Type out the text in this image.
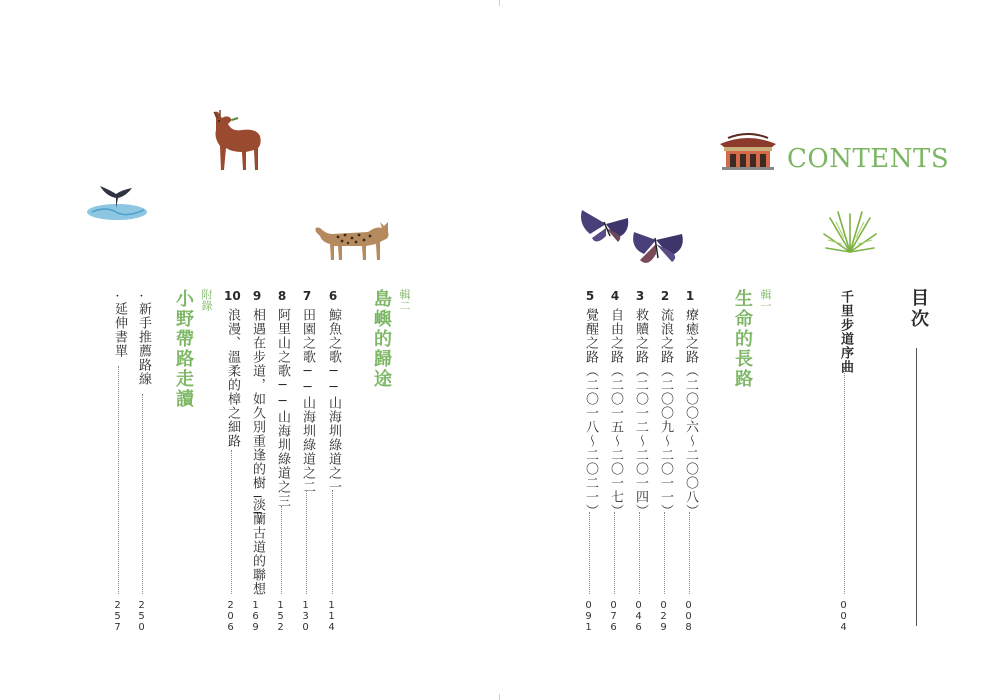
CONTENTS
目次
千里步道序曲
004
輯一
生命的長路
1
療癒之路（二〇〇六～二〇〇八）
008
2
流浪之路（二〇〇九～二〇一一）
029
3
救贖之路（二〇一二～二〇一四）
046
4
自由之路（二〇一五～二〇一七）
076
5
覺醒之路（二〇一八～二〇二一）
091
輯二
島嶼的歸途
6
鯨魚之歌──山海圳綠道之一
114
7
田園之歌──山海圳綠道之二
130
8
阿里山之歌──山海圳綠道之三
152
9
相遇在步道，如久別重逢的樹──
淡蘭古道的聯想
169
10
浪漫、溫柔的樟之細路
206
附錄
小野帶路走讀
·
新手推薦路線
250
·
延伸書單
257
